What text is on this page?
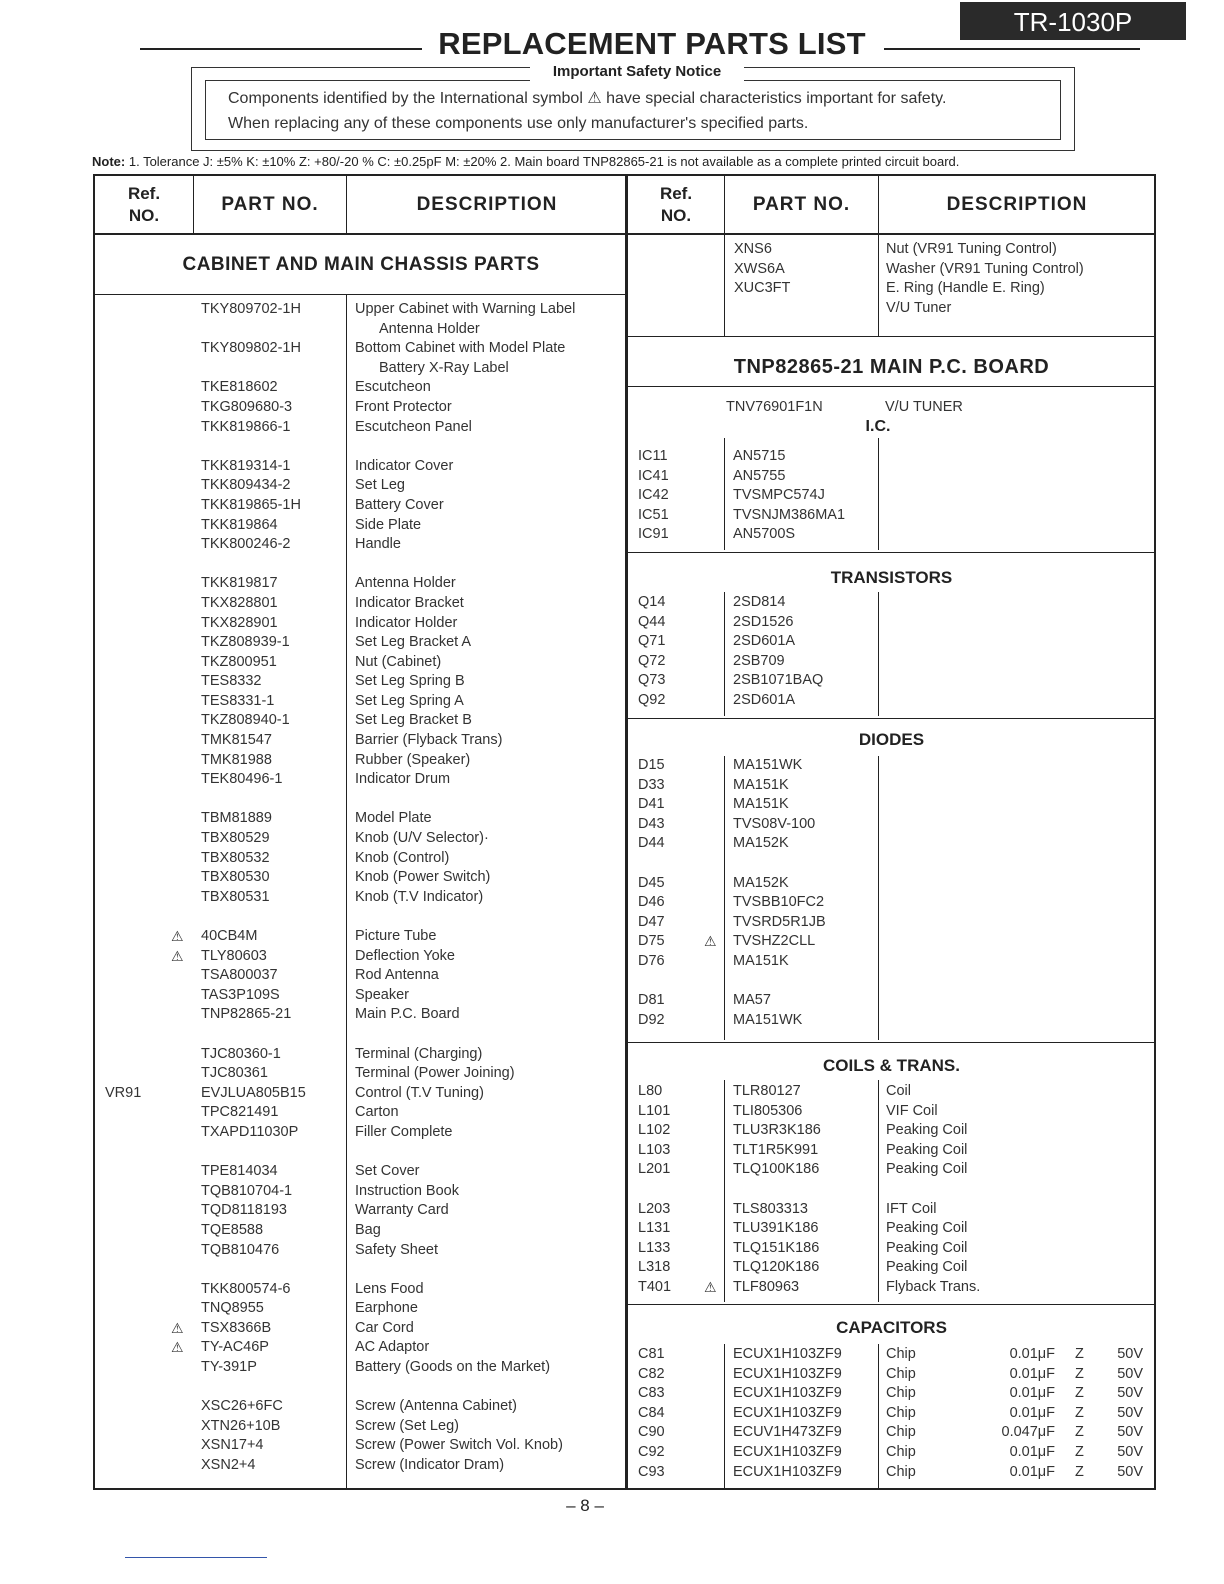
TR-1030P
REPLACEMENT PARTS LIST
Important Safety Notice
Components identified by the International symbol ⚠ have special characteristics important for safety.
When replacing any of these components use only manufacturer's specified parts.
Note: 1. Tolerance J: ±5% K: ±10% Z: +80/-20 % C: ±0.25pF M: ±20% 2. Main board TNP82865-21 is not available as a complete printed circuit board.
Ref.
NO.
PART NO.	DESCRIPTION
CABINET AND MAIN CHASSIS PARTS
TKY809702-1H	Upper Cabinet with Warning Label
Antenna Holder
TKY809802-1H	Bottom Cabinet with Model Plate
Battery X-Ray Label
TKE818602	Escutcheon
TKG809680-3	Front Protector
TKK819866-1	Escutcheon Panel
TKK819314-1	Indicator Cover
TKK809434-2	Set Leg
TKK819865-1H	Battery Cover
TKK819864	Side Plate
TKK800246-2	Handle
TKK819817	Antenna Holder
TKX828801	Indicator Bracket
TKX828901	Indicator Holder
TKZ808939-1	Set Leg Bracket A
TKZ800951	Nut (Cabinet)
TES8332	Set Leg Spring B
TES8331-1	Set Leg Spring A
TKZ808940-1	Set Leg Bracket B
TMK81547	Barrier (Flyback Trans)
TMK81988	Rubber (Speaker)
TEK80496-1	Indicator Drum
TBM81889	Model Plate
TBX80529	Knob (U/V Selector)·
TBX80532	Knob (Control)
TBX80530	Knob (Power Switch)
TBX80531	Knob (T.V Indicator)
⚠ 40CB4M	Picture Tube
⚠ TLY80603	Deflection Yoke
TSA800037	Rod Antenna
TAS3P109S	Speaker
TNP82865-21	Main P.C. Board
TJC80360-1	Terminal (Charging)
TJC80361	Terminal (Power Joining)
VR91	EVJLUA805B15	Control (T.V Tuning)
TPC821491	Carton
TXAPD11030P	Filler Complete
TPE814034	Set Cover
TQB810704-1	Instruction Book
TQD8118193	Warranty Card
TQE8588	Bag
TQB810476	Safety Sheet
TKK800574-6	Lens Food
TNQ8955	Earphone
⚠ TSX8366B	Car Cord
⚠ TY-AC46P	AC Adaptor
TY-391P	Battery (Goods on the Market)
XSC26+6FC	Screw (Antenna Cabinet)
XTN26+10B	Screw (Set Leg)
XSN17+4	Screw (Power Switch Vol. Knob)
XSN2+4	Screw (Indicator Dram)
Ref.
NO.
PART NO.	DESCRIPTION
XNS6	Nut (VR91 Tuning Control)
XWS6A	Washer (VR91 Tuning Control)
XUC3FT	E. Ring (Handle E. Ring)
V/U Tuner
TNP82865-21 MAIN P.C. BOARD
TNV76901F1N	V/U TUNER
I.C.
IC11	AN5715
IC41	AN5755
IC42	TVSMPC574J
IC51	TVSNJM386MA1
IC91	AN5700S
TRANSISTORS
Q14	2SD814
Q44	2SD1526
Q71	2SD601A
Q72	2SB709
Q73	2SB1071BAQ
Q92	2SD601A
DIODES
D15	MA151WK
D33	MA151K
D41	MA151K
D43	TVS08V-100
D44	MA152K
D45	MA152K
D46	TVSBB10FC2
D47	TVSRD5R1JB
D75	⚠ TVSHZ2CLL
D76	MA151K
D81	MA57
D92	MA151WK
COILS & TRANS.
L80	TLR80127	Coil
L101	TLI805306	VIF Coil
L102	TLU3R3K186	Peaking Coil
L103	TLT1R5K991	Peaking Coil
L201	TLQ100K186	Peaking Coil
L203	TLS803313	IFT Coil
L131	TLU391K186	Peaking Coil
L133	TLQ151K186	Peaking Coil
L318	TLQ120K186	Peaking Coil
T401 ⚠ TLF80963	Flyback Trans.
CAPACITORS
C81	ECUX1H103ZF9	Chip	0.01μF Z 50V
C82	ECUX1H103ZF9	Chip	0.01μF Z 50V
C83	ECUX1H103ZF9	Chip	0.01μF Z 50V
C84	ECUX1H103ZF9	Chip	0.01μF Z 50V
C90	ECUV1H473ZF9	Chip	0.047μF Z 50V
C92	ECUX1H103ZF9	Chip	0.01μF Z 50V
C93	ECUX1H103ZF9	Chip	0.01μF Z 50V
– 8 –
